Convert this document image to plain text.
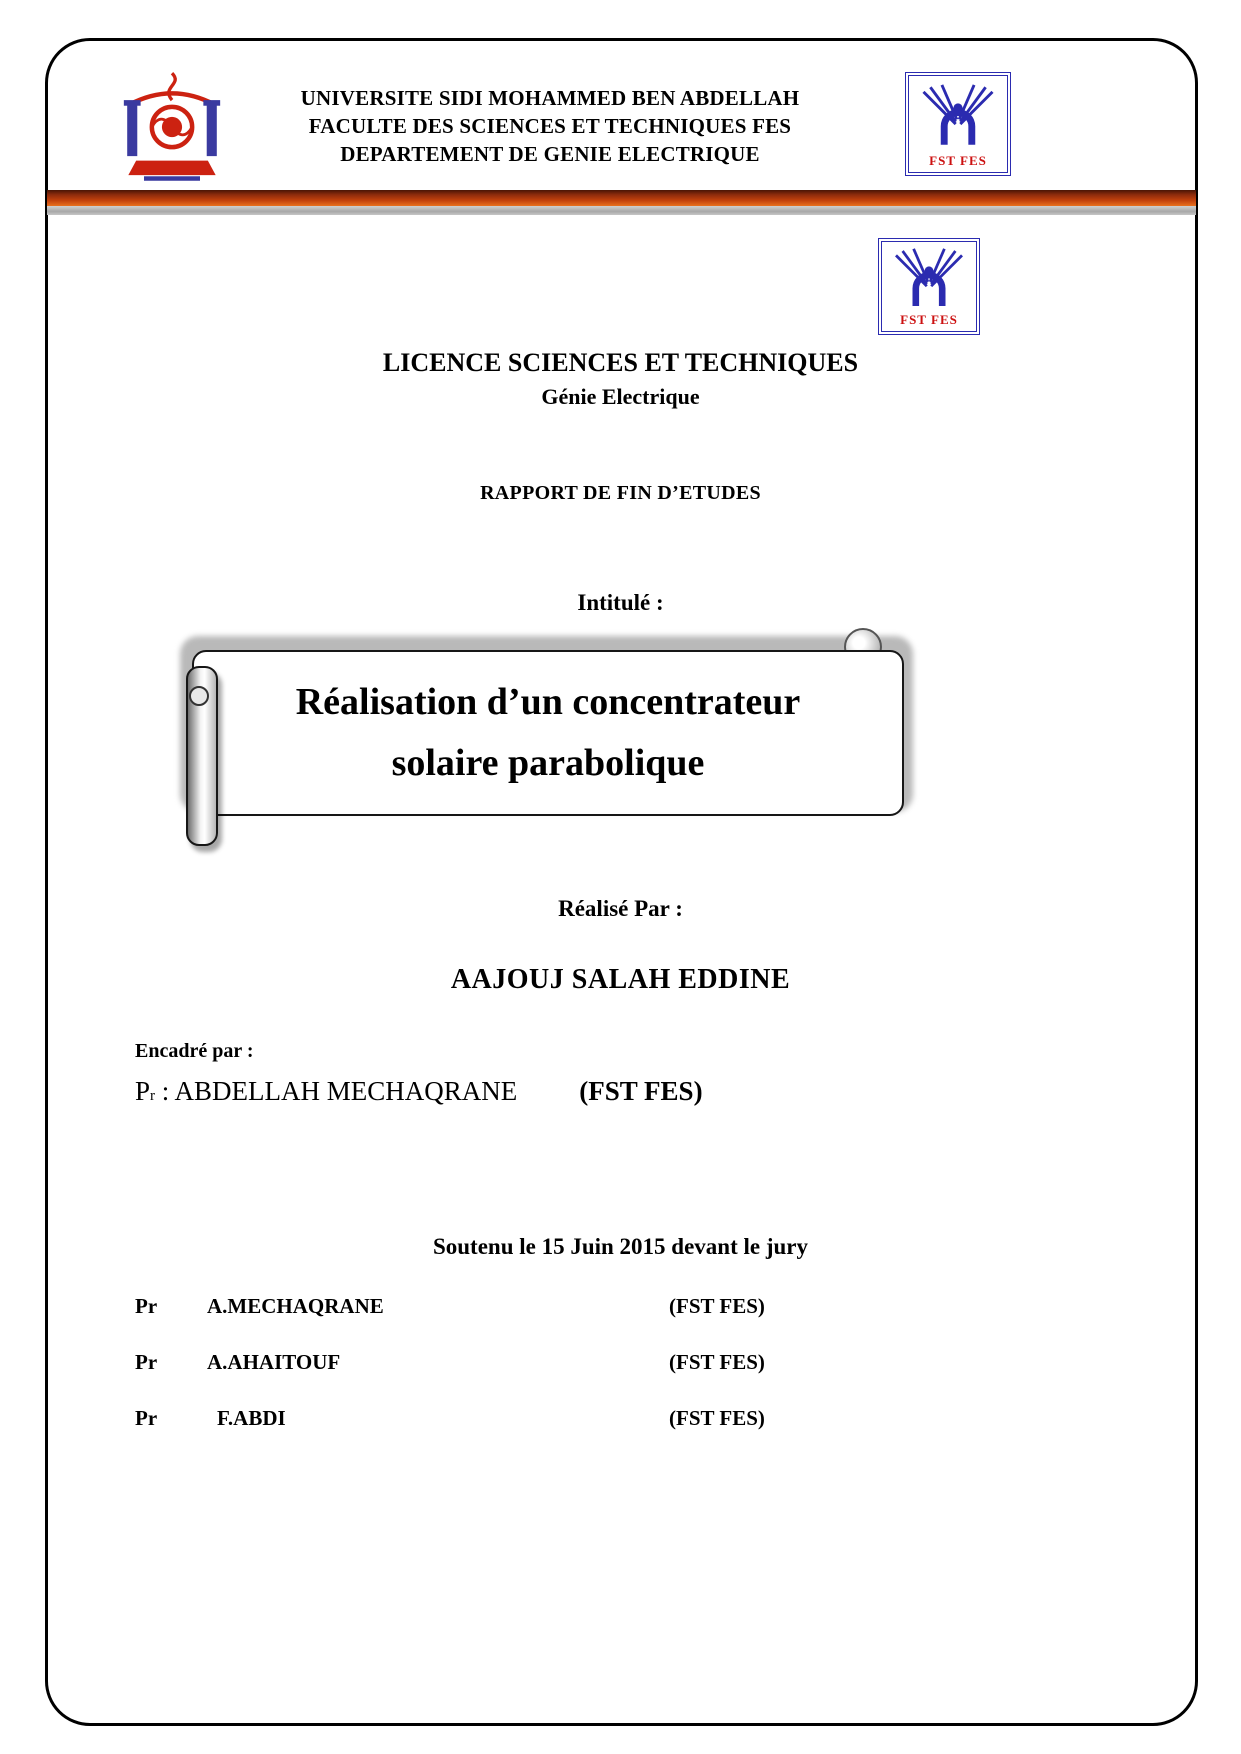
UNIVERSITE SIDI MOHAMMED BEN ABDELLAH
FACULTE DES SCIENCES ET TECHNIQUES FES
DEPARTEMENT DE GENIE ELECTRIQUE	FST FES
FST FES
LICENCE SCIENCES ET TECHNIQUES
Génie Electrique
RAPPORT DE FIN D’ETUDES
Intitulé :
Réalisation d’un concentrateur
solaire parabolique
Réalisé Par :
AAJOUJ SALAH EDDINE
Encadré par :
P r : ABDELLAH MECHAQRANE (FST FES)
Soutenu le 15 Juin 2015 devant le jury
Pr	A.MECHAQRANE	(FST FES)
Pr	A.AHAITOUF	(FST FES)
Pr	F.ABDI	(FST FES)
